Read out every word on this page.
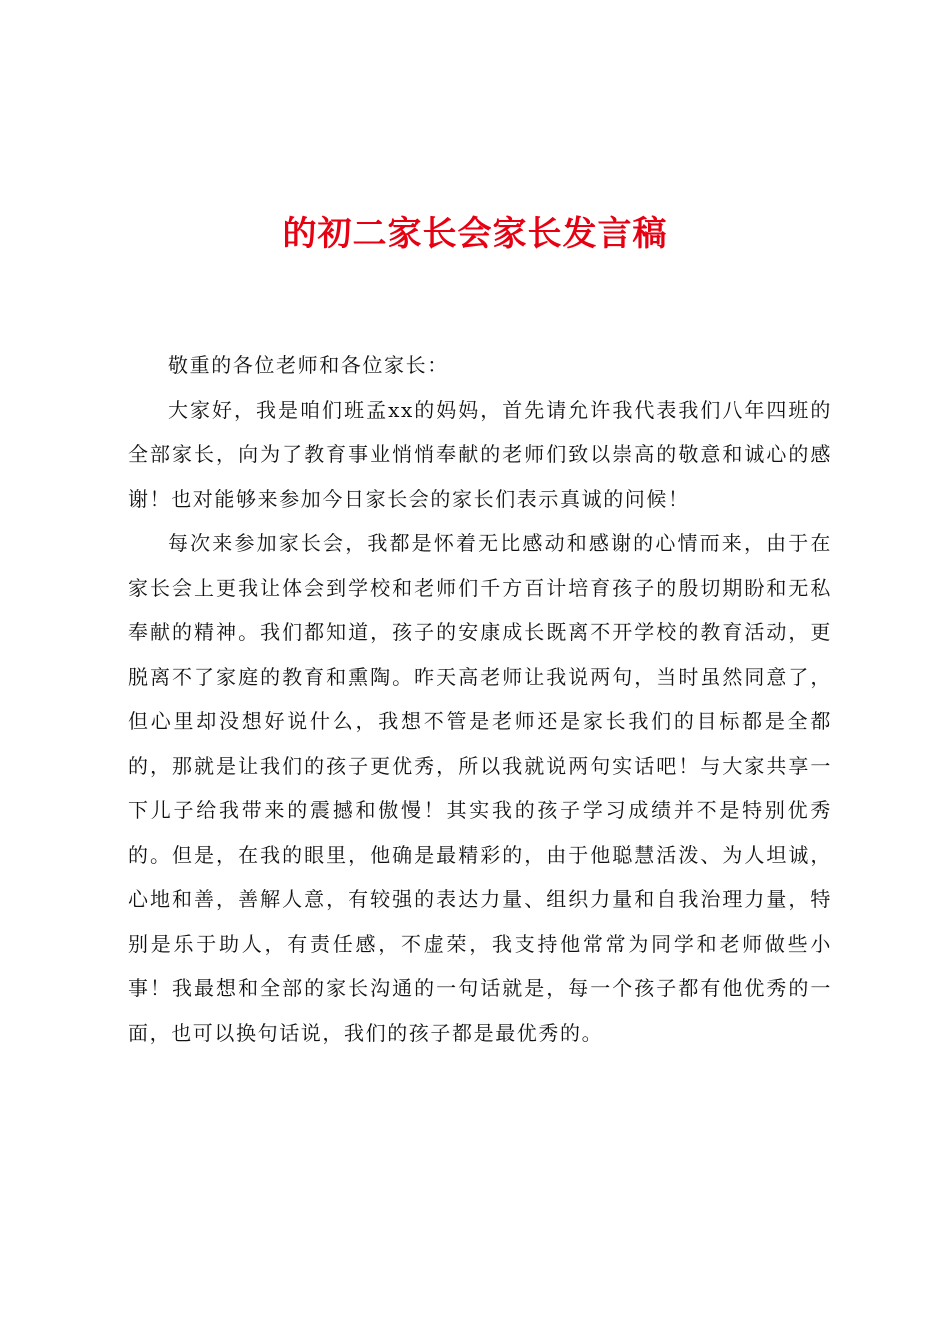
的初二家长会家长发言稿

敬重的各位老师和各位家长：

大家好，我是咱们班孟xx的妈妈，首先请允许我代表我们八年四班的全部家长，向为了教育事业悄悄奉献的老师们致以崇高的敬意和诚心的感谢！也对能够来参加今日家长会的家长们表示真诚的问候！

每次来参加家长会，我都是怀着无比感动和感谢的心情而来，由于在家长会上更我让体会到学校和老师们千方百计培育孩子的殷切期盼和无私奉献的精神。我们都知道，孩子的安康成长既离不开学校的教育活动，更脱离不了家庭的教育和熏陶。昨天高老师让我说两句，当时虽然同意了，但心里却没想好说什么，我想不管是老师还是家长我们的目标都是全都的，那就是让我们的孩子更优秀，所以我就说两句实话吧！与大家共享一下儿子给我带来的震撼和傲慢！其实我的孩子学习成绩并不是特别优秀的。但是，在我的眼里，他确是最精彩的，由于他聪慧活泼、为人坦诚，心地和善，善解人意，有较强的表达力量、组织力量和自我治理力量，特别是乐于助人，有责任感，不虚荣，我支持他常常为同学和老师做些小事！我最想和全部的家长沟通的一句话就是，每一个孩子都有他优秀的一面，也可以换句话说，我们的孩子都是最优秀的。
